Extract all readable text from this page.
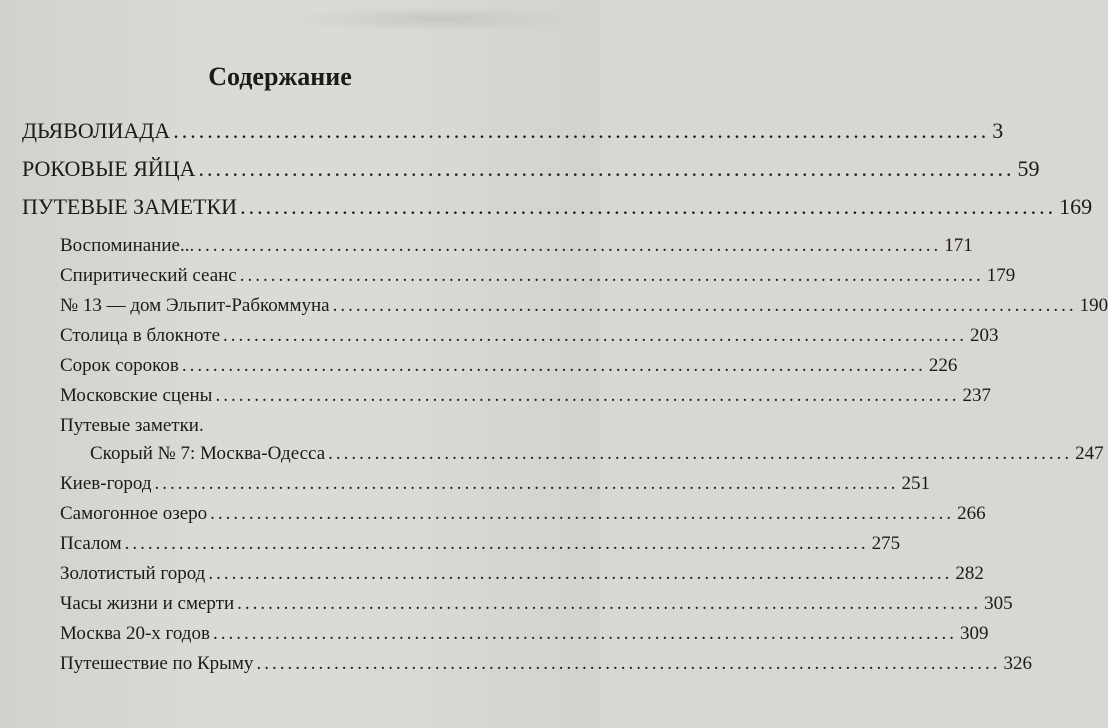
Содержание
ДЬЯВОЛИАДА ................................................................................................ 3
РОКОВЫЕ ЯЙЦА ................................................................................................ 59
ПУТЕВЫЕ ЗАМЕТКИ ................................................................................................ 169
Воспоминание... ................................................................................................ 171
Спиритический сеанс ................................................................................................ 179
№ 13 — дом Эльпит-Рабкоммуна ................................................................................................ 190
Столица в блокноте ................................................................................................ 203
Сорок сороков ................................................................................................ 226
Московские сцены ................................................................................................ 237
Путевые заметки.
Скорый № 7: Москва-Одесса ................................................................................................ 247
Киев-город ................................................................................................ 251
Самогонное озеро ................................................................................................ 266
Псалом ................................................................................................ 275
Золотистый город ................................................................................................ 282
Часы жизни и смерти ................................................................................................ 305
Москва 20-х годов ................................................................................................ 309
Путешествие по Крыму ................................................................................................ 326
